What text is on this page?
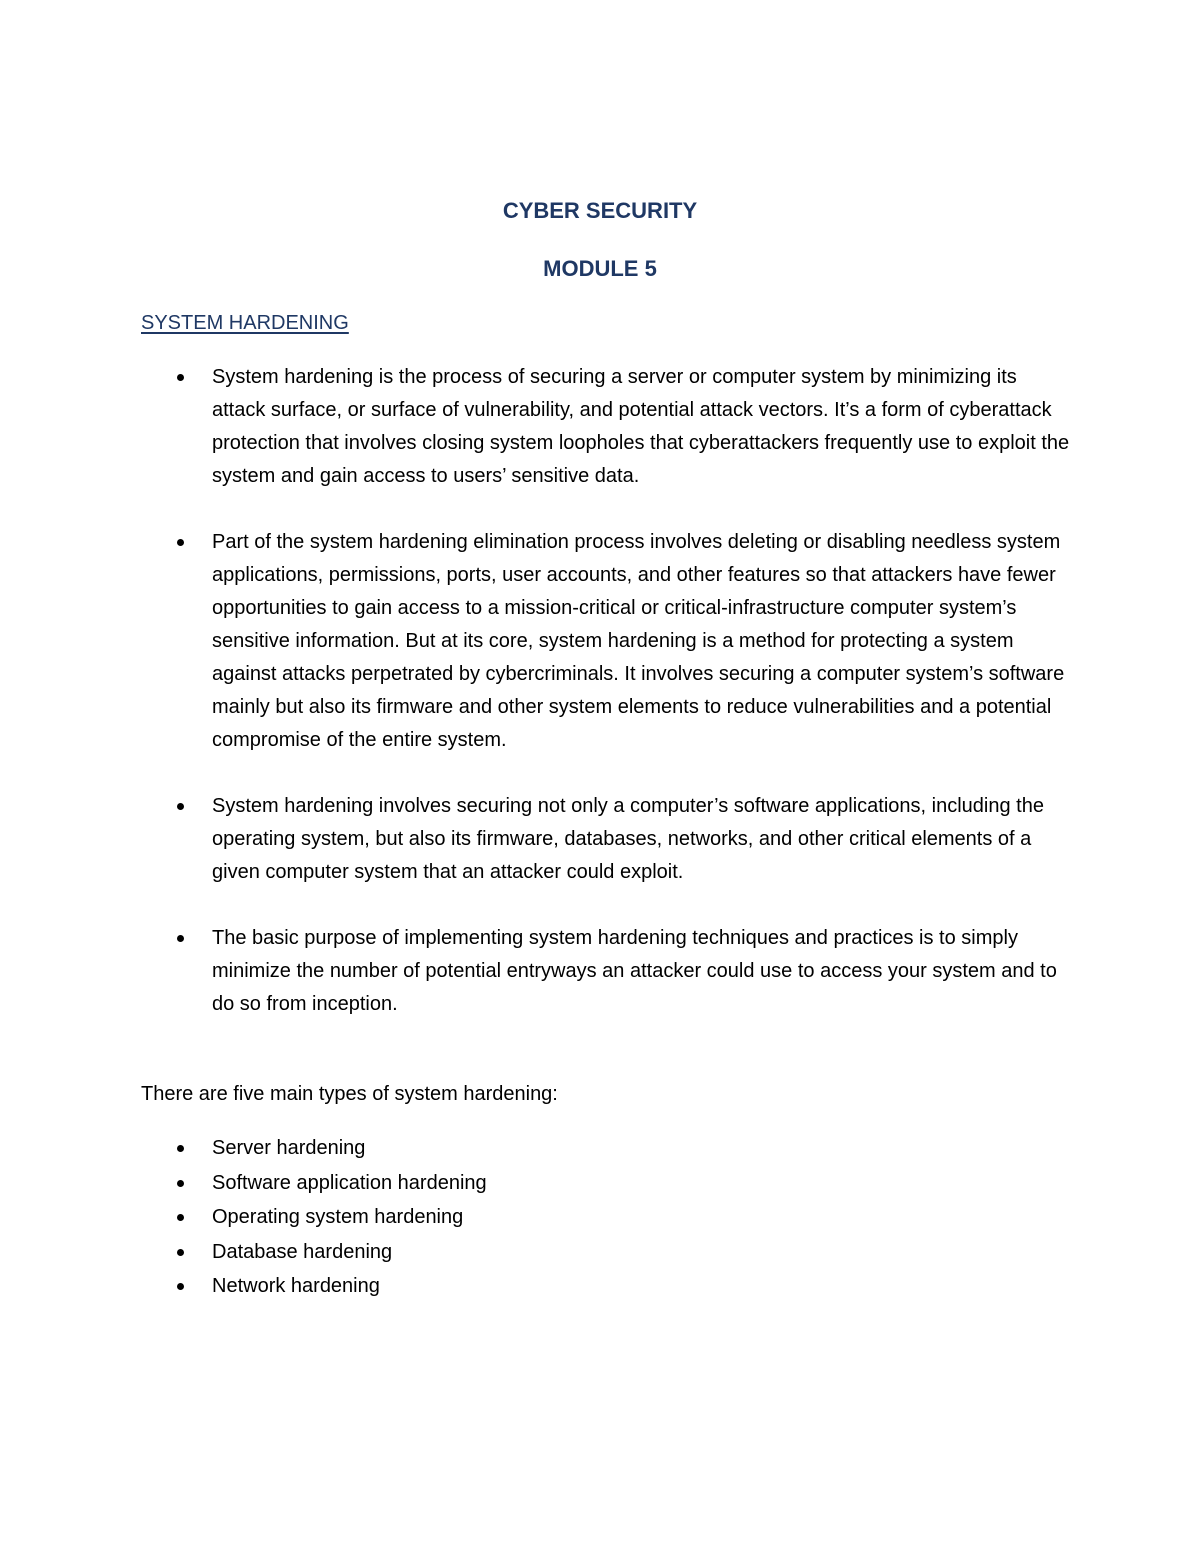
CYBER SECURITY
MODULE 5
SYSTEM HARDENING
System hardening is the process of securing a server or computer system by minimizing its attack surface, or surface of vulnerability, and potential attack vectors. It’s a form of cyberattack protection that involves closing system loopholes that cyberattackers frequently use to exploit the system and gain access to users’ sensitive data.
Part of the system hardening elimination process involves deleting or disabling needless system applications, permissions, ports, user accounts, and other features so that attackers have fewer opportunities to gain access to a mission-critical or critical-infrastructure computer system’s sensitive information. But at its core, system hardening is a method for protecting a system against attacks perpetrated by cybercriminals. It involves securing a computer system’s software mainly but also its firmware and other system elements to reduce vulnerabilities and a potential compromise of the entire system.
System hardening involves securing not only a computer’s software applications, including the operating system, but also its firmware, databases, networks, and other critical elements of a given computer system that an attacker could exploit.
The basic purpose of implementing system hardening techniques and practices is to simply minimize the number of potential entryways an attacker could use to access your system and to do so from inception.

There are five main types of system hardening:

Server hardening
Software application hardening
Operating system hardening
Database hardening
Network hardening
